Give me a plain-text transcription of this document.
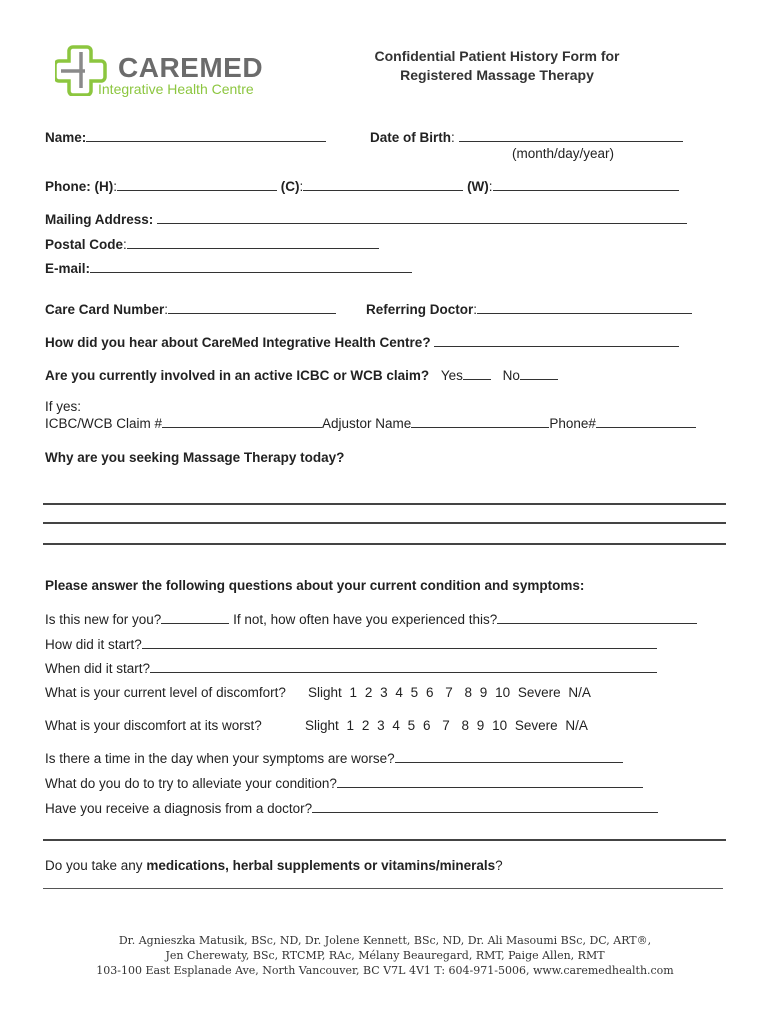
CAREMED
Integrative Health Centre
Confidential Patient History Form for
Registered Massage Therapy
Name:	Date of Birth:
(month/day/year)
Phone: (H):	(C):	(W):
Mailing Address:
Postal Code:
E-mail:
Care Card Number:	Referring Doctor:
How did you hear about CareMed Integrative Health Centre?
Are you currently involved in an active ICBC or WCB claim? Yes	No
If yes:
ICBC/WCB Claim #	Adjustor Name	Phone#
Why are you seeking Massage Therapy today?
Please answer the following questions about your current condition and symptoms:
Is this new for you?	If not, how often have you experienced this?
How did it start?
When did it start?
What is your current level of discomfort? Slight 1 2 3 4 5 6 7 8 9 10 Severe N/A
What is your discomfort at its worst?	Slight 1 2 3 4 5 6 7 8 9 10 Severe N/A
Is there a time in the day when your symptoms are worse?
What do you do to try to alleviate your condition?
Have you receive a diagnosis from a doctor?
Do you take any medications, herbal supplements or vitamins/minerals?
Dr. Agnieszka Matusik, BSc, ND, Dr. Jolene Kennett, BSc, ND, Dr. Ali Masoumi BSc, DC, ART®,
Jen Cherewaty, BSc, RTCMP, RAc, Mélany Beauregard, RMT, Paige Allen, RMT
103-100 East Esplanade Ave, North Vancouver, BC V7L 4V1 T: 604-971-5006, www.caremedhealth.com
